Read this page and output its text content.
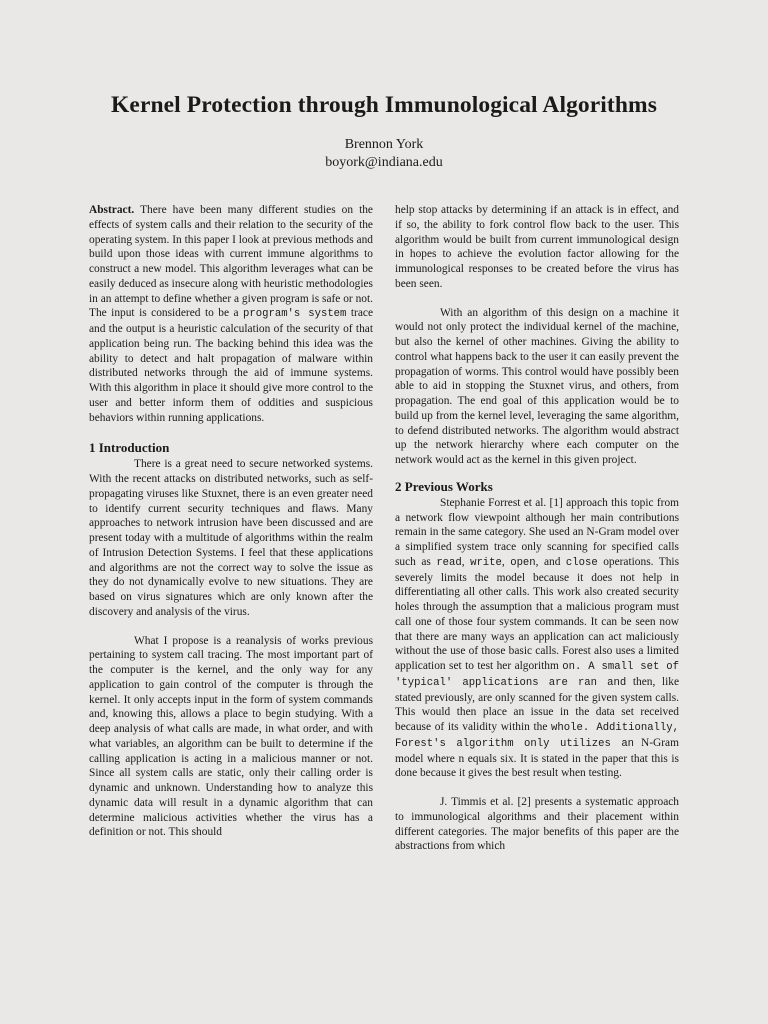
Kernel Protection through Immunological Algorithms
Brennon York
boyork@indiana.edu

Abstract. There have been many different studies on the effects of system calls and their relation to the security of the operating system. In this paper I look at previous methods and build upon those ideas with current immune algorithms to construct a new model. This algorithm leverages what can be easily deduced as insecure along with heuristic methodologies in an attempt to define whether a given program is safe or not. The input is considered to be a program's system trace and the output is a heuristic calculation of the security of that application being run. The backing behind this idea was the ability to detect and halt propagation of malware within distributed networks through the aid of immune systems. With this algorithm in place it should give more control to the user and better inform them of oddities and suspicious behaviors within running applications.

1 Introduction

There is a great need to secure networked systems. With the recent attacks on distributed networks, such as self-propagating viruses like Stuxnet, there is an even greater need to identify current security techniques and flaws. Many approaches to network intrusion have been discussed and are present today with a multitude of algorithms within the realm of Intrusion Detection Systems. I feel that these applications and algorithms are not the correct way to solve the issue as they do not dynamically evolve to new situations. They are based on virus signatures which are only known after the discovery and analysis of the virus.

What I propose is a reanalysis of works previous pertaining to system call tracing. The most important part of the computer is the kernel, and the only way for any application to gain control of the computer is through the kernel. It only accepts input in the form of system commands and, knowing this, allows a place to begin studying. With a deep analysis of what calls are made, in what order, and with what variables, an algorithm can be built to determine if the calling application is acting in a malicious manner or not. Since all system calls are static, only their calling order is dynamic and unknown. Understanding how to analyze this dynamic data will result in a dynamic algorithm that can determine malicious activities whether the virus has a definition or not. This should

help stop attacks by determining if an attack is in effect, and if so, the ability to fork control flow back to the user. This algorithm would be built from current immunological design in hopes to achieve the evolution factor allowing for the immunological responses to be created before the virus has been seen.

With an algorithm of this design on a machine it would not only protect the individual kernel of the machine, but also the kernel of other machines. Giving the ability to control what happens back to the user it can easily prevent the propagation of worms. This control would have possibly been able to aid in stopping the Stuxnet virus, and others, from propagation. The end goal of this application would be to build up from the kernel level, leveraging the same algorithm, to defend distributed networks. The algorithm would abstract up the network hierarchy where each computer on the network would act as the kernel in this given project.

2 Previous Works

Stephanie Forrest et al. [1] approach this topic from a network flow viewpoint although her main contributions remain in the same category. She used an N-Gram model over a simplified system trace only scanning for specified calls such as read, write, open, and close operations. This severely limits the model because it does not help in differentiating all other calls. This work also created security holes through the assumption that a malicious program must call one of those four system commands. It can be seen now that there are many ways an application can act maliciously without the use of those basic calls. Forest also uses a limited application set to test her algorithm on. A small set of 'typical' applications are ran and then, like stated previously, are only scanned for the given system calls. This would then place an issue in the data set received because of its validity within the whole. Additionally, Forest's algorithm only utilizes an N-Gram model where n equals six. It is stated in the paper that this is done because it gives the best result when testing.

J. Timmis et al. [2] presents a systematic approach to immunological algorithms and their placement within different categories. The major benefits of this paper are the abstractions from which
